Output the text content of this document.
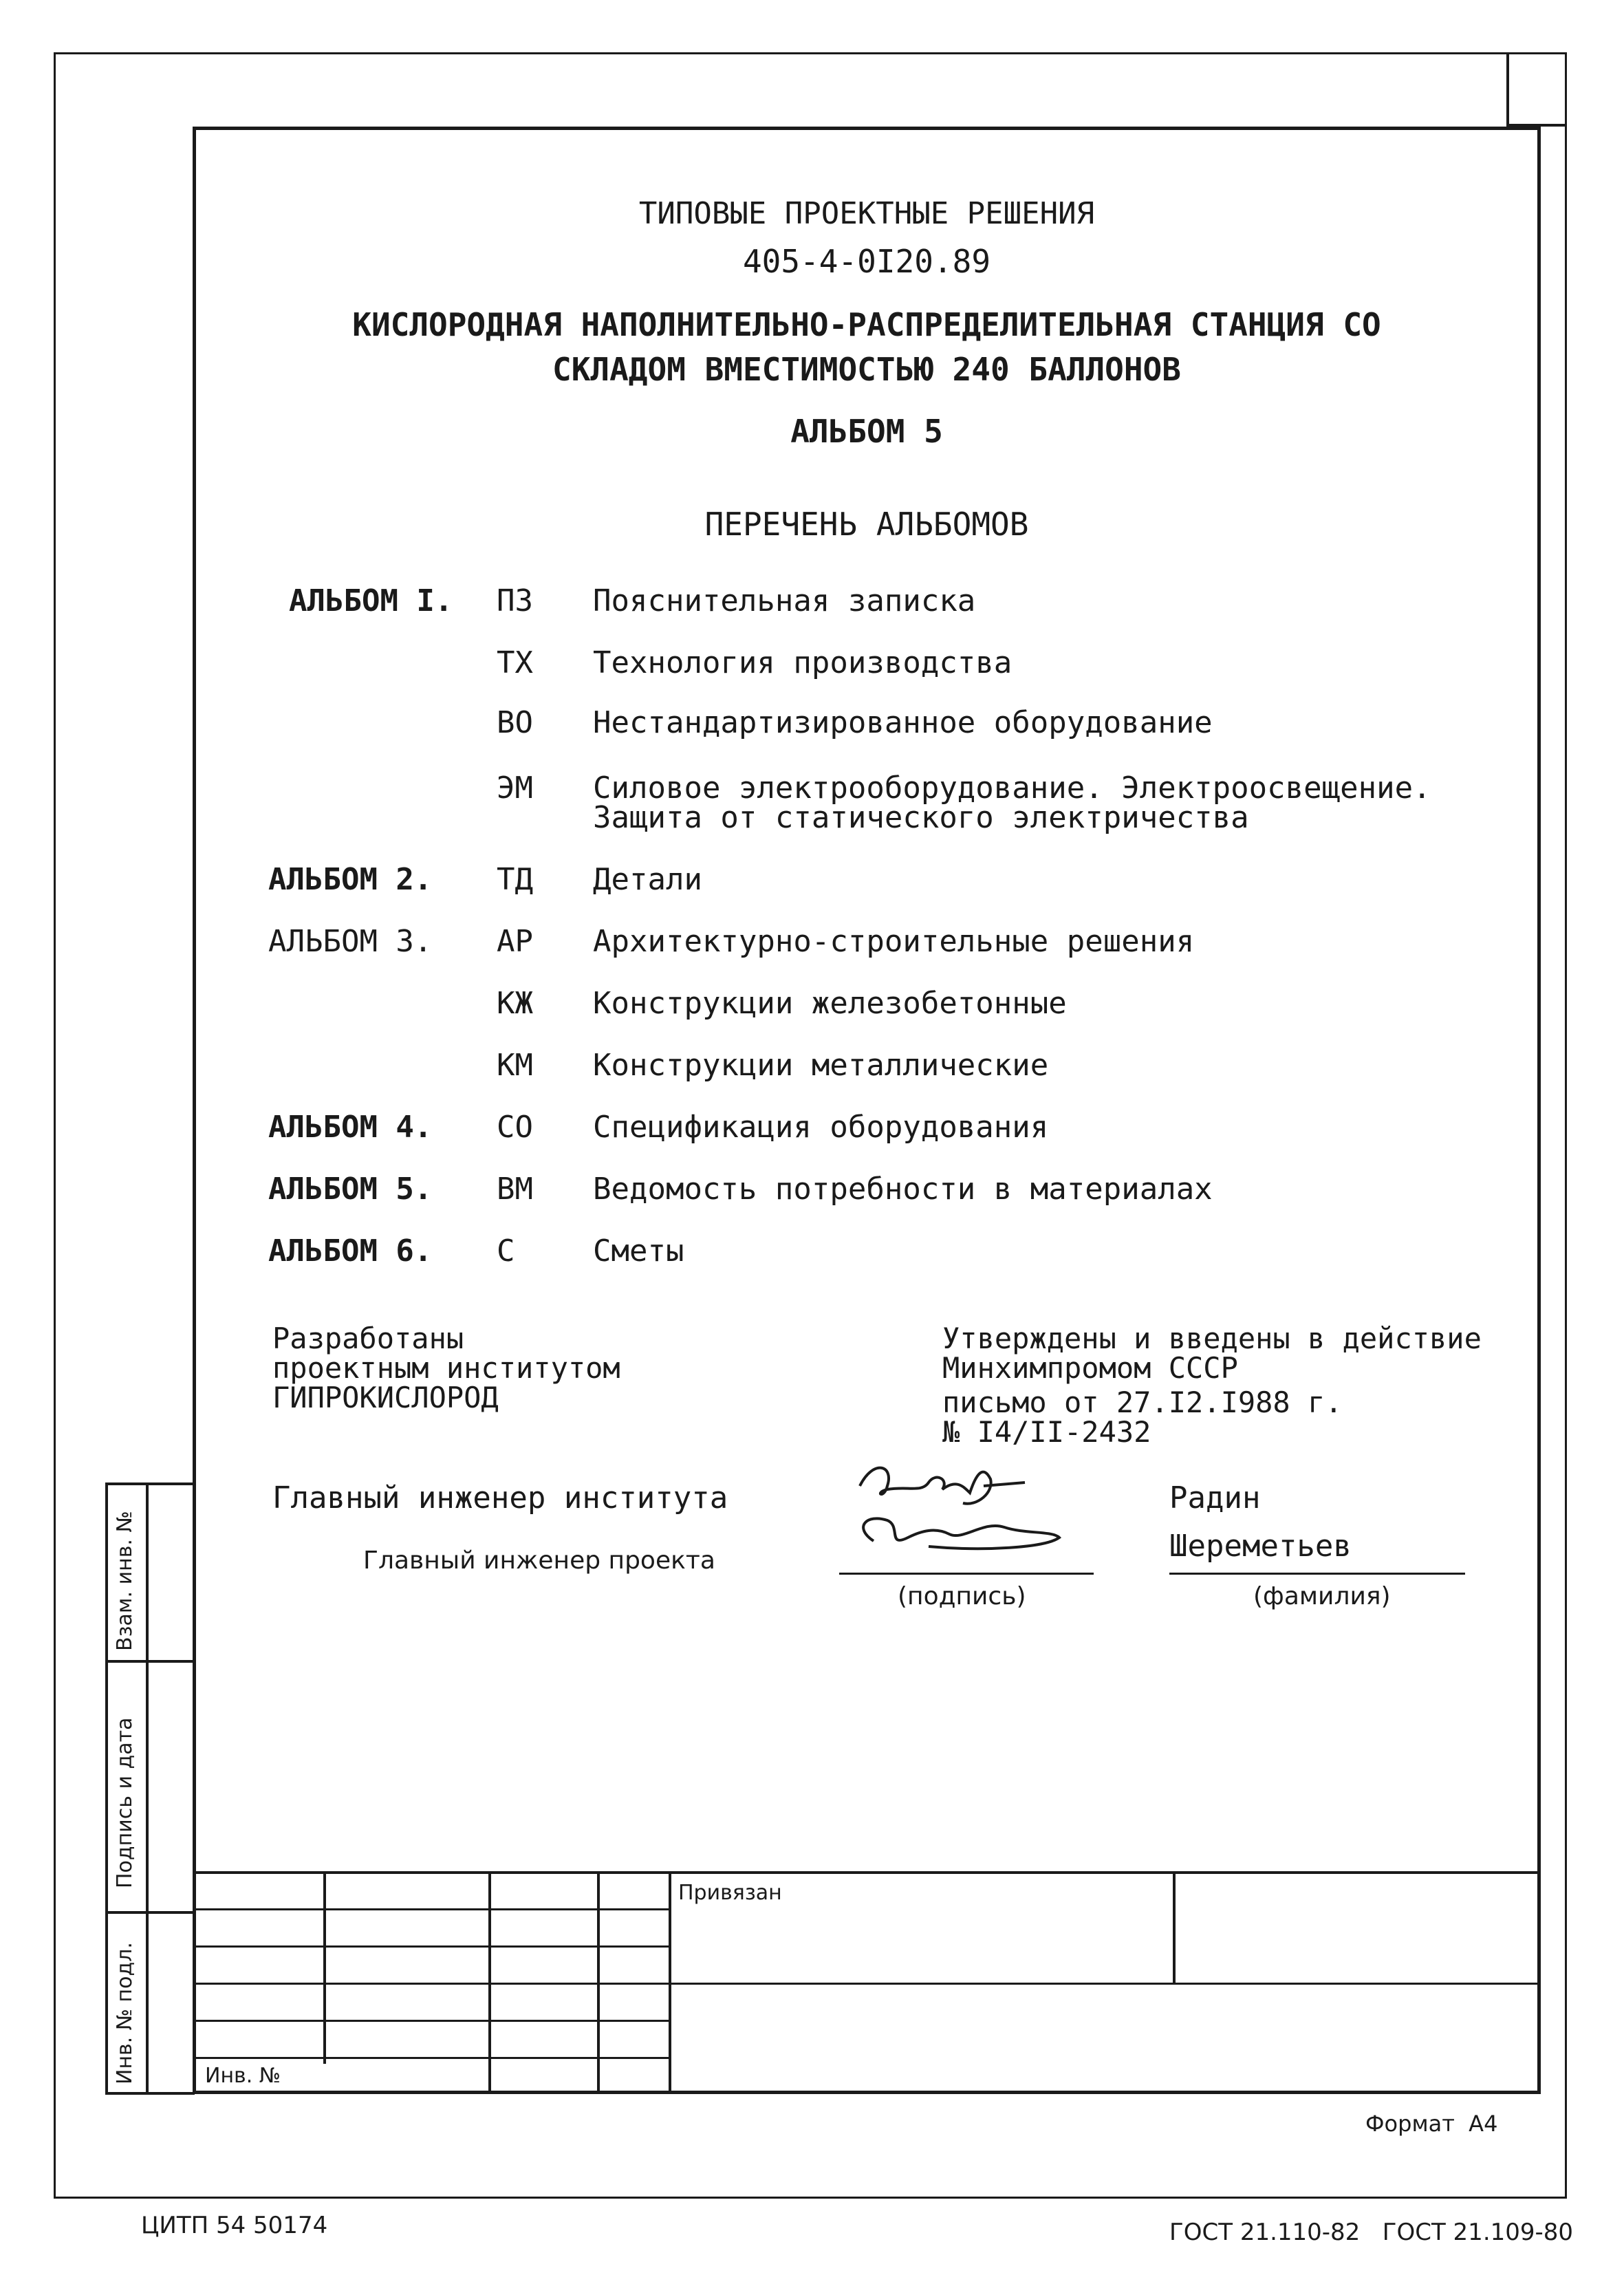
ТИПОВЫЕ ПРОЕКТНЫЕ РЕШЕНИЯ
405-4-0I20.89
КИСЛОРОДНАЯ НАПОЛНИТЕЛЬНО-РАСПРЕДЕЛИТЕЛЬНАЯ СТАНЦИЯ СО
СКЛАДОМ ВМЕСТИМОСТЬЮ 240 БАЛЛОНОВ
АЛЬБОМ 5
ПЕРЕЧЕНЬ АЛЬБОМОВ
АЛЬБОМ I. ПЗ Пояснительная записка
ТХ Технология производства
ВО Нестандартизированное оборудование
ЭМ Силовое электрооборудование. Электроосвещение.
Защита от статического электричества
АЛЬБОМ 2. ТД Детали
АЛЬБОМ 3. АР Архитектурно-строительные решения
КЖ Конструкции железобетонные
КМ Конструкции металлические
АЛЬБОМ 4. СО Спецификация оборудования
АЛЬБОМ 5. ВМ Ведомость потребности в материалах
АЛЬБОМ 6. С	Сметы
Разработаны
проектным институтом
ГИПРОКИСЛОРОД
Утверждены и введены в действие
Минхимпромом СССР
письмо от 27.I2.I988 г.
№ I4/II-2432
Главный инженер института	Радин
Главный инженер проекта	Шереметьев
(подпись)	(фамилия)
Взам. инв. №
Подпись и дата
Инв. № подл.
Привязан
Инв. №
Формат  А4
ЦИТП 54 50174	ГОСТ 21.110-82   ГОСТ 21.109-80
